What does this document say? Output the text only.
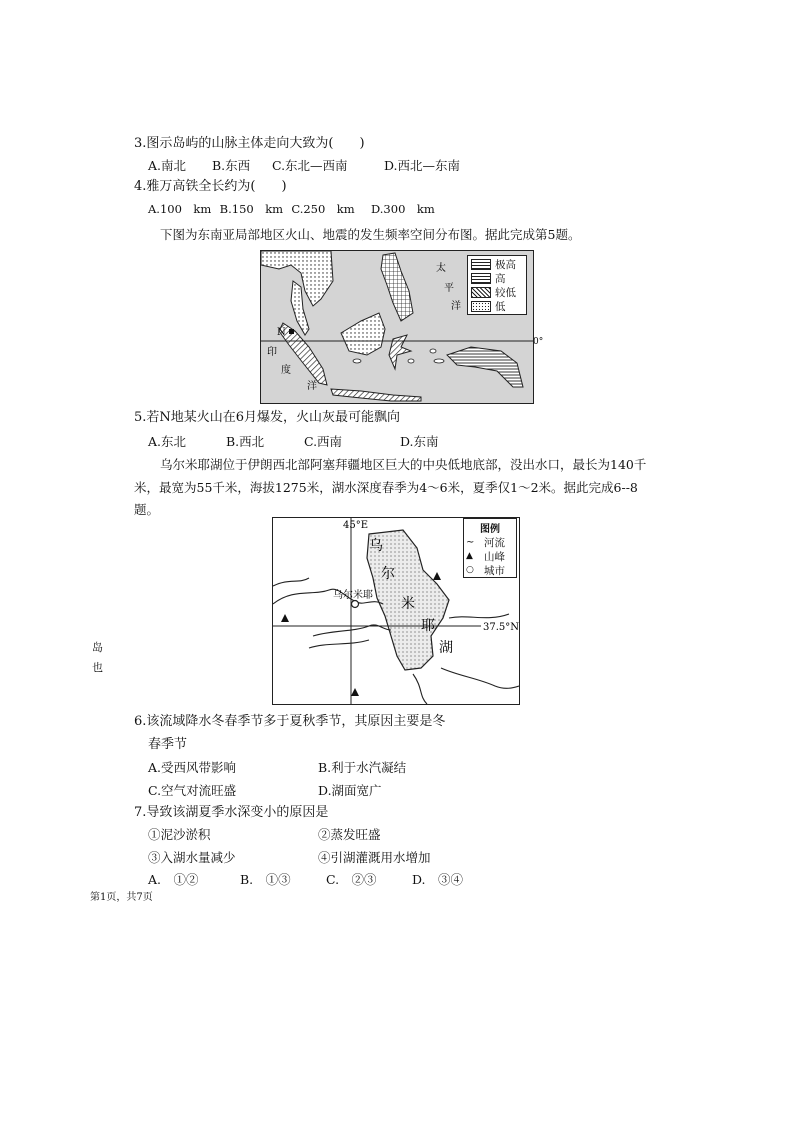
3.图示岛屿的山脉主体走向大致为(　　)
A.南北 B.东西 C.东北—西南	D.西北—东南
4.雅万高铁全长约为(　　)
A.100　km B.150　km C.250　km D.300　km
下图为东南亚局部地区火山、地震的发生频率空间分布图。据此完成第5题。
N
太
平
洋
印
度
洋
极高
高
较低
低
0°
5.若N地某火山在6月爆发，火山灰最可能飘向
A.东北	B.西北	C.西南	D.东南
乌尔米耶湖位于伊朗西北部阿塞拜疆地区巨大的中央低地底部，没出水口，最长为140千
米，最宽为55千米，海拔1275米，湖水深度春季为4～6米，夏季仅1～2米。据此完成6--8
题。
乌尔米耶
45°E
37.5°N
乌
尔
米
耶
湖
图例
∼ 河流
▲	山峰
○ 城市
岛
也
6.该流域降水冬春季节多于夏秋季节，其原因主要是冬
春季节
A.受西风带影响	B.利于水汽凝结
C.空气对流旺盛	D.湖面宽广
7.导致该湖夏季水深变小的原因是
①泥沙淤积	②蒸发旺盛
③入湖水量减少	④引湖灌溉用水增加
A.　①②	B.　①③	C.　②③	D.　③④
第1页，共7页
